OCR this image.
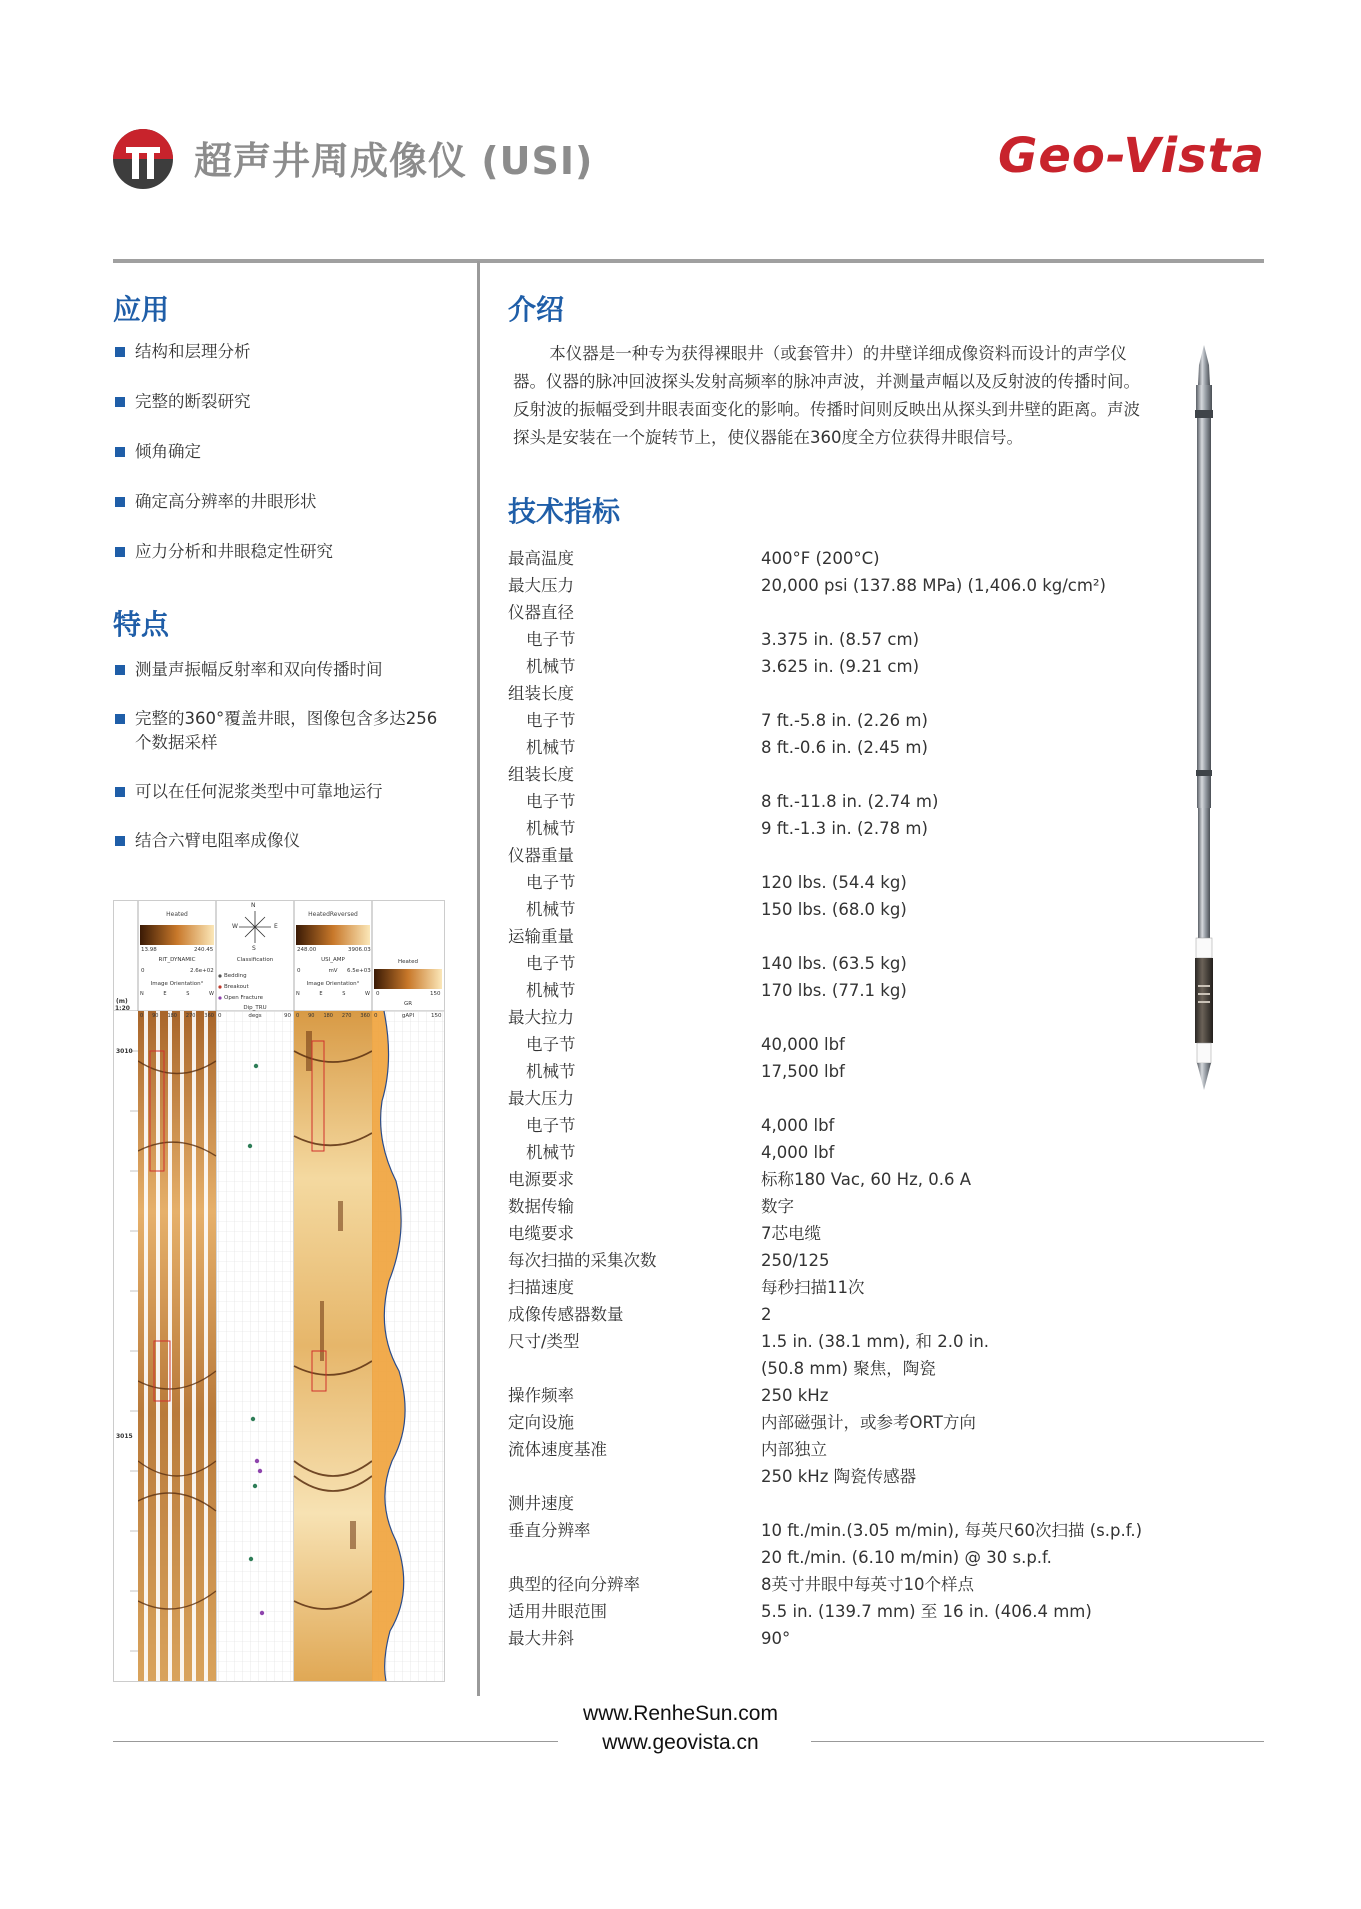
超声井周成像仪 (USI)	Geo-Vista
应用
结构和层理分析
完整的断裂研究
倾角确定
确定高分辨率的井眼形状
应力分析和井眼稳定性研究
特点
测量声振幅反射率和双向传播时间
完整的360°覆盖井眼，图像包含多达256个数据采样
可以在任何泥浆类型中可靠地运行
结合六臂电阻率成像仪
Heated
13.98	240.45
RIT_DYNAMIC
0	2.6e+02
Image Orientation°
N
W	E
S
Classification
Bedding
Breakout
Open Fracture
Dip_TRU
0	degs	90
HeatedReversed
248.00	3906.03
USI_AMP
0	mV	6.5e+03
Image Orientation°
Heated
0	150
GR
0	gAPI	150
(m)
1:20
3010
3015
N	E	S	W
0 90 180 270 360
N	E	S	W
0 90 180 270 360
介绍
本仪器是一种专为获得裸眼井（或套管井）的井壁详细成像资料而设计的声学仪器。仪器的脉冲回波探头发射高频率的脉冲声波，并测量声幅以及反射波的传播时间。反射波的振幅受到井眼表面变化的影响。传播时间则反映出从探头到井壁的距离。声波探头是安装在一个旋转节上，使仪器能在360度全方位获得井眼信号。
技术指标
最高温度	400°F (200°C)
最大压力	20,000 psi (137.88 MPa) (1,406.0 kg/cm²)
仪器直径	
电子节	3.375 in. (8.57 cm)
机械节	3.625 in. (9.21 cm)
组装长度	
电子节	7 ft.-5.8 in. (2.26 m)
机械节	8 ft.-0.6 in. (2.45 m)
组装长度	
电子节	8 ft.-11.8 in. (2.74 m)
机械节	9 ft.-1.3 in. (2.78 m)
仪器重量	
电子节	120 lbs. (54.4 kg)
机械节	150 lbs. (68.0 kg)
运输重量	
电子节	140 lbs. (63.5 kg)
机械节	170 lbs. (77.1 kg)
最大拉力	
电子节	40,000 lbf
机械节	17,500 lbf
最大压力	
电子节	4,000 lbf
机械节	4,000 lbf
电源要求	标称180 Vac, 60 Hz, 0.6 A
数据传输	数字
电缆要求	7芯电缆
每次扫描的采集次数	250/125
扫描速度	每秒扫描11次
成像传感器数量	2
尺寸/类型	1.5 in. (38.1 mm), 和 2.0 in.
	(50.8 mm) 聚焦，陶瓷
操作频率	250 kHz
定向设施	内部磁强计，或参考ORT方向
流体速度基准	内部独立
	250 kHz 陶瓷传感器
测井速度	
垂直分辨率	10 ft./min.(3.05 m/min), 每英尺60次扫描 (s.p.f.)
	20 ft./min. (6.10 m/min) @ 30 s.p.f.
典型的径向分辨率	8英寸井眼中每英寸10个样点
适用井眼范围	5.5 in. (139.7 mm) 至 16 in. (406.4 mm)
最大井斜	90°
www.RenheSun.com
www.geovista.cn
